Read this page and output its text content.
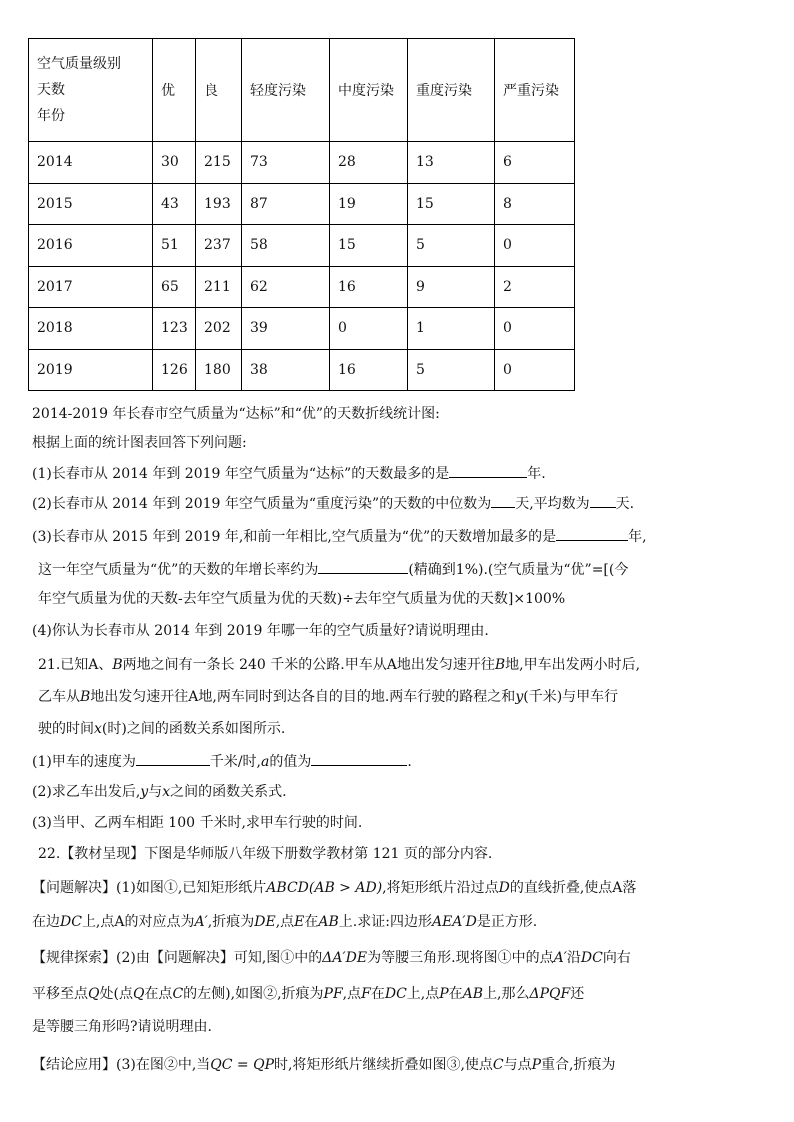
空气质量级别
天数
年份	优	良	轻度污染	中度污染	重度污染	严重污染
2014	30	215	73	28	13	6
2015	43	193	87	19	15	8
2016	51	237	58	15	5	0
2017	65	211	62	16	9	2
2018	123	202	39	0	1	0
2019	126	180	38	16	5	0
2014-2019 年长春市空气质量为“达标”和“优”的天数折线统计图:
根据上面的统计图表回答下列问题:
(1)长春市从 2014 年到 2019 年空气质量为“达标”的天数最多的是	年.
(2)长春市从 2014 年到 2019 年空气质量为“重度污染”的天数的中位数为 天,平均数为 天.
(3)长春市从 2015 年到 2019 年,和前一年相比,空气质量为“优”的天数增加最多的是	年,
这一年空气质量为“优”的天数的年增长率约为	(精确到1%).(空气质量为“优”=[(今
年空气质量为优的天数-去年空气质量为优的天数)÷去年空气质量为优的天数]×100%
(4)你认为长春市从 2014 年到 2019 年哪一年的空气质量好?请说明理由.
21.已知A、B两地之间有一条长 240 千米的公路.甲车从A地出发匀速开往B地,甲车出发两小时后,
乙车从B地出发匀速开往A地,两车同时到达各自的目的地.两车行驶的路程之和y(千米)与甲车行
驶的时间x(时)之间的函数关系如图所示.
(1)甲车的速度为	千米/时,a的值为	.
(2)求乙车出发后,y与x之间的函数关系式.
(3)当甲、乙两车相距 100 千米时,求甲车行驶的时间.
22.【教材呈现】下图是华师版八年级下册数学教材第 121 页的部分内容.
【问题解决】(1)如图①,已知矩形纸片ABCD(AB > AD),将矩形纸片沿过点D的直线折叠,使点A落
在边DC上,点A的对应点为A′,折痕为DE,点E在AB上.求证:四边形AEA′D是正方形.
【规律探索】(2)由【问题解决】可知,图①中的ΔA′DE为等腰三角形.现将图①中的点A′沿DC向右
平移至点Q处(点Q在点C的左侧),如图②,折痕为PF,点F在DC上,点P在AB上,那么ΔPQF还
是等腰三角形吗?请说明理由.
【结论应用】(3)在图②中,当QC = QP时,将矩形纸片继续折叠如图③,使点C与点P重合,折痕为
